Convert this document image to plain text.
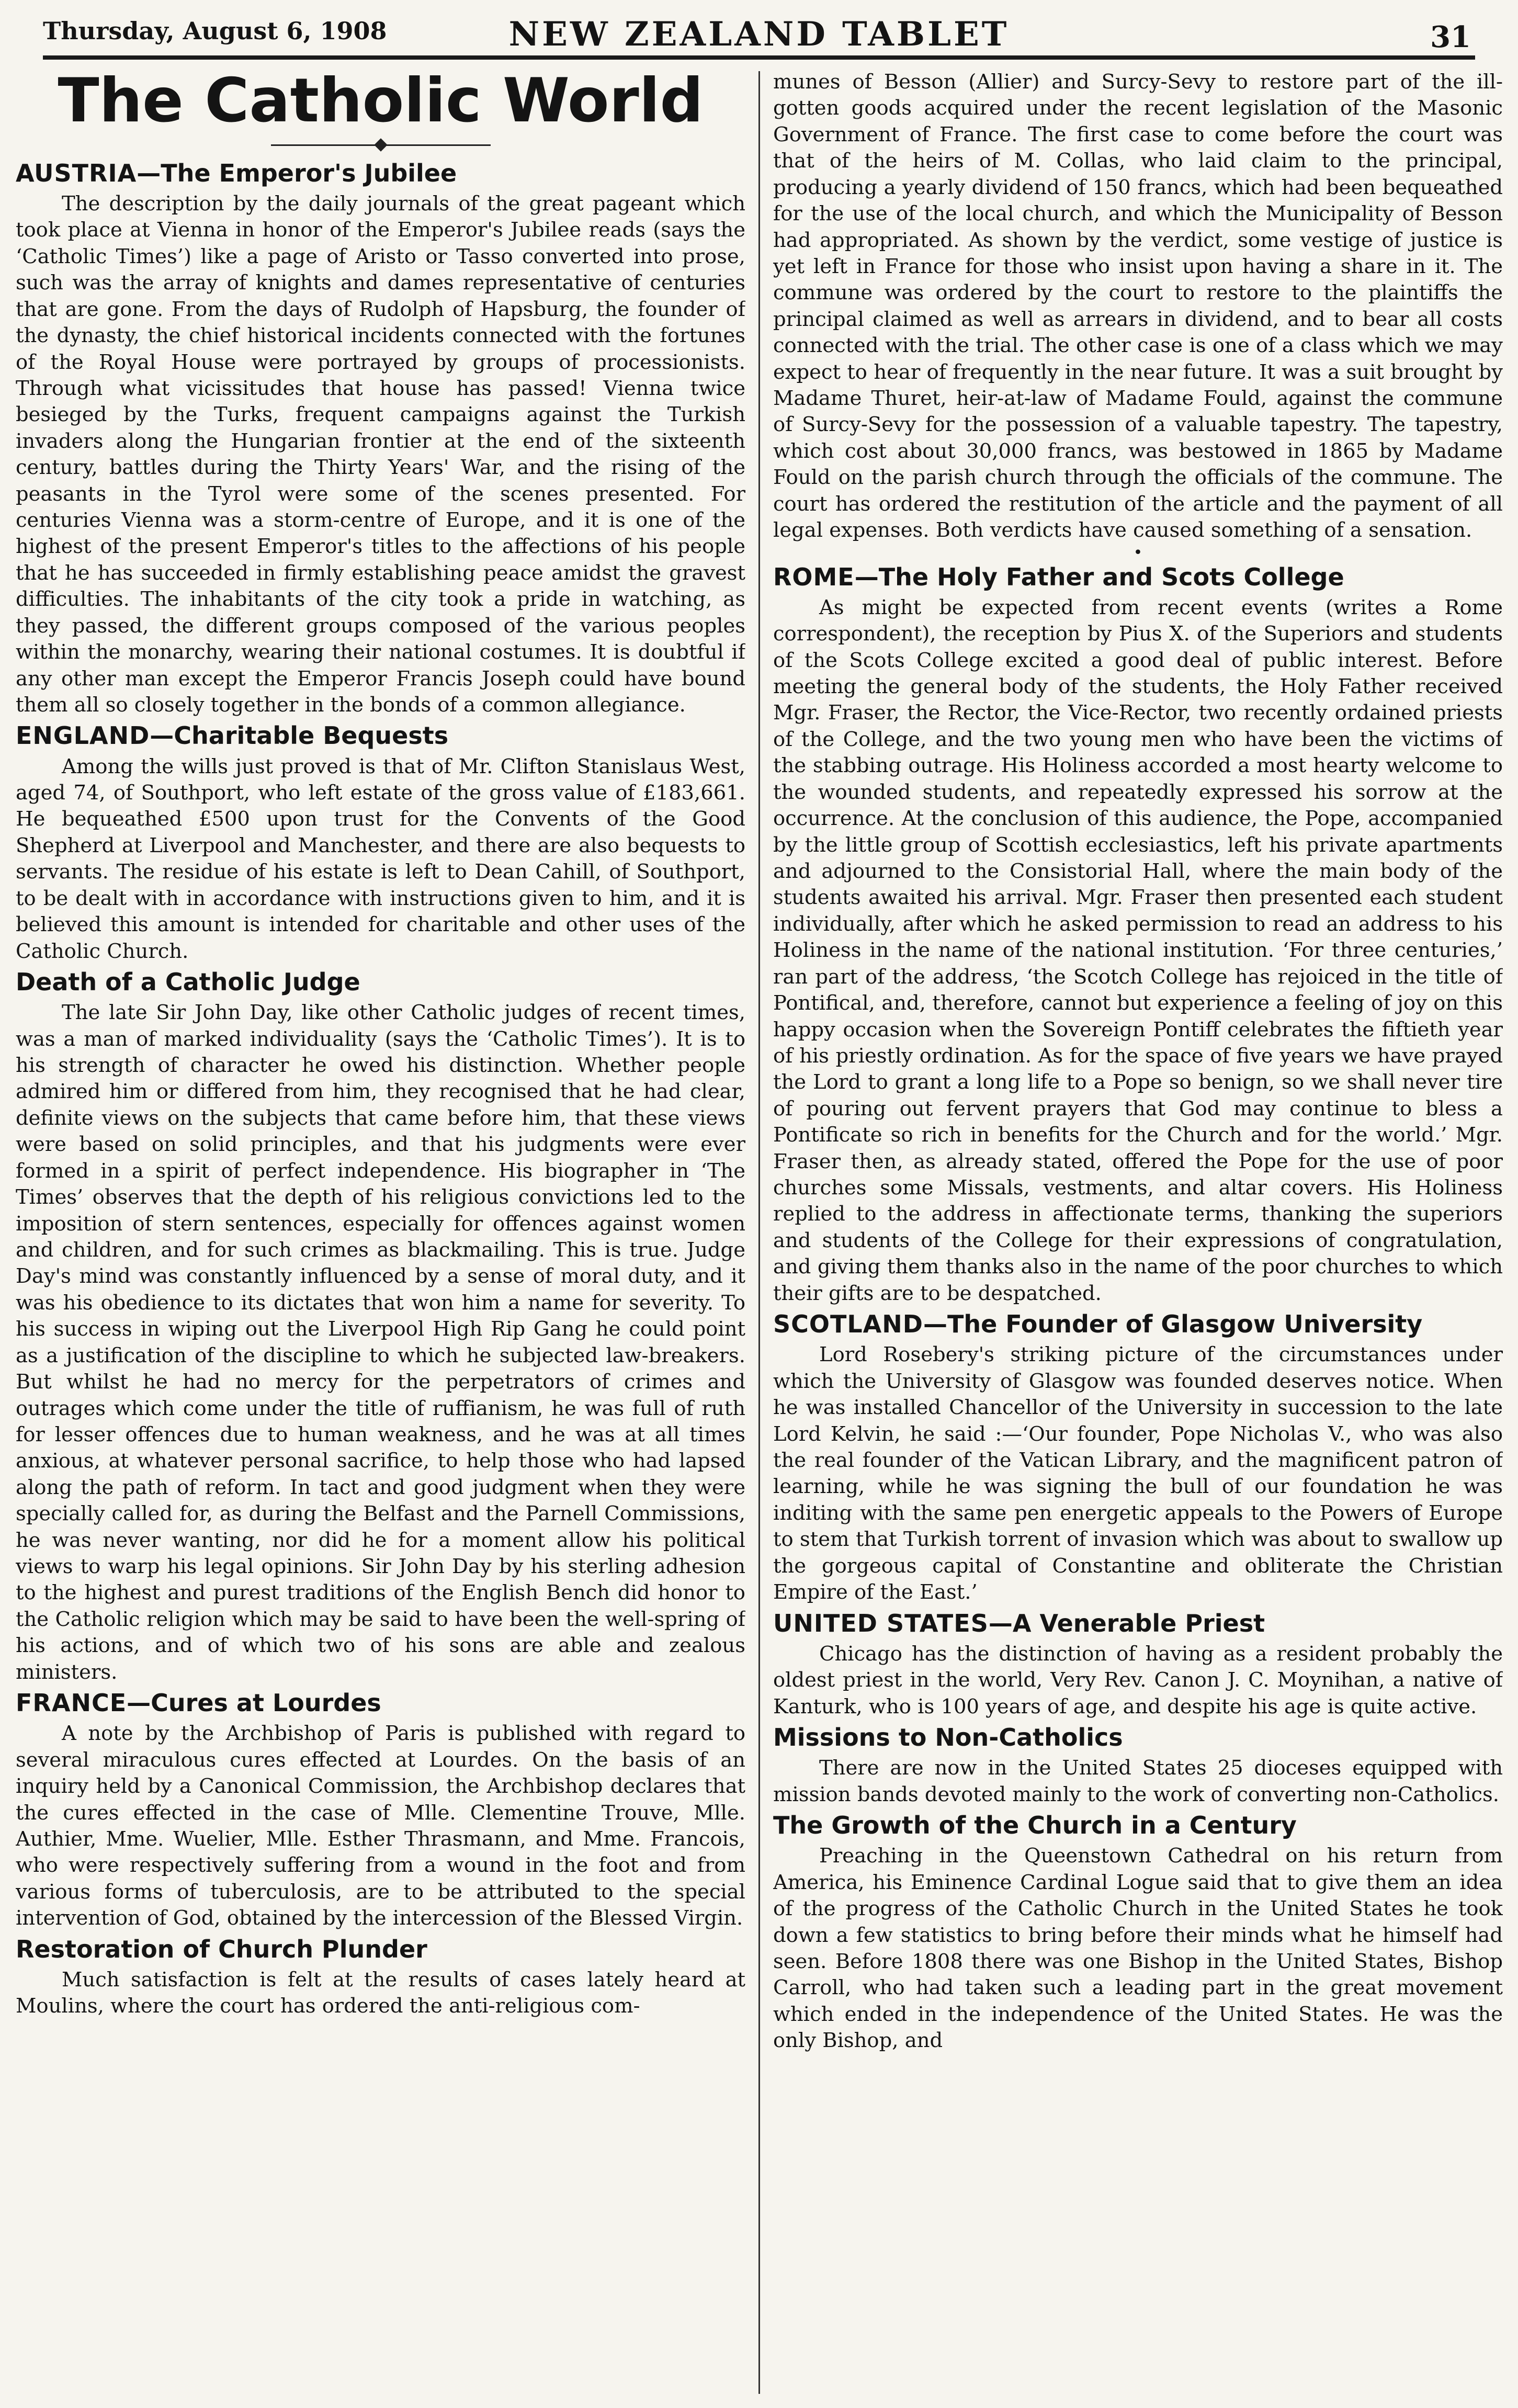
Thursday, August 6, 1908	NEW ZEALAND TABLET	31
The Catholic World
AUSTRIA—The Emperor's Jubilee

The description by the daily journals of the great pageant which took place at Vienna in honor of the Emperor's Jubilee reads (says the ‘Catholic Times’) like a page of Aristo or Tasso converted into prose, such was the array of knights and dames representative of centuries that are gone. From the days of Rudolph of Hapsburg, the founder of the dynasty, the chief historical incidents connected with the fortunes of the Royal House were portrayed by groups of processionists. Through what vicissitudes that house has passed! Vienna twice besieged by the Turks, frequent campaigns against the Turkish invaders along the Hungarian frontier at the end of the sixteenth century, battles during the Thirty Years' War, and the rising of the peasants in the Tyrol were some of the scenes presented. For centuries Vienna was a storm-centre of Europe, and it is one of the highest of the present Emperor's titles to the affections of his people that he has succeeded in firmly establishing peace amidst the gravest difficulties. The inhabitants of the city took a pride in watching, as they passed, the different groups composed of the various peoples within the monarchy, wearing their national costumes. It is doubtful if any other man except the Emperor Francis Joseph could have bound them all so closely together in the bonds of a common allegiance.

ENGLAND—Charitable Bequests

Among the wills just proved is that of Mr. Clifton Stanislaus West, aged 74, of Southport, who left estate of the gross value of £183,661. He bequeathed £500 upon trust for the Convents of the Good Shepherd at Liverpool and Manchester, and there are also bequests to servants. The residue of his estate is left to Dean Cahill, of Southport, to be dealt with in accordance with instructions given to him, and it is believed this amount is intended for charitable and other uses of the Catholic Church.

Death of a Catholic Judge

The late Sir John Day, like other Catholic judges of recent times, was a man of marked individuality (says the ‘Catholic Times’). It is to his strength of character he owed his distinction. Whether people admired him or differed from him, they recognised that he had clear, definite views on the subjects that came before him, that these views were based on solid principles, and that his judgments were ever formed in a spirit of perfect independence. His biographer in ‘The Times’ observes that the depth of his religious convictions led to the imposition of stern sentences, especially for offences against women and children, and for such crimes as blackmailing. This is true. Judge Day's mind was constantly influenced by a sense of moral duty, and it was his obedience to its dictates that won him a name for severity. To his success in wiping out the Liverpool High Rip Gang he could point as a justification of the discipline to which he subjected law-breakers. But whilst he had no mercy for the perpetrators of crimes and outrages which come under the title of ruffianism, he was full of ruth for lesser offences due to human weakness, and he was at all times anxious, at whatever personal sacrifice, to help those who had lapsed along the path of reform. In tact and good judgment when they were specially called for, as during the Belfast and the Parnell Commissions, he was never wanting, nor did he for a moment allow his political views to warp his legal opinions. Sir John Day by his sterling adhesion to the highest and purest traditions of the English Bench did honor to the Catholic religion which may be said to have been the well-spring of his actions, and of which two of his sons are able and zealous ministers.

FRANCE—Cures at Lourdes

A note by the Archbishop of Paris is published with regard to several miraculous cures effected at Lourdes. On the basis of an inquiry held by a Canonical Commission, the Archbishop declares that the cures effected in the case of Mlle. Clementine Trouve, Mlle. Authier, Mme. Wuelier, Mlle. Esther Thrasmann, and Mme. Francois, who were respectively suffering from a wound in the foot and from various forms of tuberculosis, are to be attributed to the special intervention of God, obtained by the intercession of the Blessed Virgin.

Restoration of Church Plunder

Much satisfaction is felt at the results of cases lately heard at Moulins, where the court has ordered the anti-religious com-

munes of Besson (Allier) and Surcy-Sevy to restore part of the ill-gotten goods acquired under the recent legislation of the Masonic Government of France. The first case to come before the court was that of the heirs of M. Collas, who laid claim to the principal, producing a yearly dividend of 150 francs, which had been bequeathed for the use of the local church, and which the Municipality of Besson had appropriated. As shown by the verdict, some vestige of justice is yet left in France for those who insist upon having a share in it. The commune was ordered by the court to restore to the plaintiffs the principal claimed as well as arrears in dividend, and to bear all costs connected with the trial. The other case is one of a class which we may expect to hear of frequently in the near future. It was a suit brought by Madame Thuret, heir-at-law of Madame Fould, against the commune of Surcy-Sevy for the possession of a valuable tapestry. The tapestry, which cost about 30,000 francs, was bestowed in 1865 by Madame Fould on the parish church through the officials of the commune. The court has ordered the restitution of the article and the payment of all legal expenses. Both verdicts have caused something of a sensation.

•
ROME—The Holy Father and Scots College

As might be expected from recent events (writes a Rome correspondent), the reception by Pius X. of the Superiors and students of the Scots College excited a good deal of public interest. Before meeting the general body of the students, the Holy Father received Mgr. Fraser, the Rector, the Vice-Rector, two recently ordained priests of the College, and the two young men who have been the victims of the stabbing outrage. His Holiness accorded a most hearty welcome to the wounded students, and repeatedly expressed his sorrow at the occurrence. At the conclusion of this audience, the Pope, accompanied by the little group of Scottish ecclesiastics, left his private apartments and adjourned to the Consistorial Hall, where the main body of the students awaited his arrival. Mgr. Fraser then presented each student individually, after which he asked permission to read an address to his Holiness in the name of the national institution. ‘For three centuries,’ ran part of the address, ‘the Scotch College has rejoiced in the title of Pontifical, and, therefore, cannot but experience a feeling of joy on this happy occasion when the Sovereign Pontiff celebrates the fiftieth year of his priestly ordination. As for the space of five years we have prayed the Lord to grant a long life to a Pope so benign, so we shall never tire of pouring out fervent prayers that God may continue to bless a Pontificate so rich in benefits for the Church and for the world.’ Mgr. Fraser then, as already stated, offered the Pope for the use of poor churches some Missals, vestments, and altar covers. His Holiness replied to the address in affectionate terms, thanking the superiors and students of the College for their expressions of congratulation, and giving them thanks also in the name of the poor churches to which their gifts are to be despatched.

SCOTLAND—The Founder of Glasgow University

Lord Rosebery's striking picture of the circumstances under which the University of Glasgow was founded deserves notice. When he was installed Chancellor of the University in succession to the late Lord Kelvin, he said :—‘Our founder, Pope Nicholas V., who was also the real founder of the Vatican Library, and the magnificent patron of learning, while he was signing the bull of our foundation he was inditing with the same pen energetic appeals to the Powers of Europe to stem that Turkish torrent of invasion which was about to swallow up the gorgeous capital of Constantine and obliterate the Christian Empire of the East.’

UNITED STATES—A Venerable Priest

Chicago has the distinction of having as a resident probably the oldest priest in the world, Very Rev. Canon J. C. Moynihan, a native of Kanturk, who is 100 years of age, and despite his age is quite active.

Missions to Non-Catholics

There are now in the United States 25 dioceses equipped with mission bands devoted mainly to the work of converting non-Catholics.

The Growth of the Church in a Century

Preaching in the Queenstown Cathedral on his return from America, his Eminence Cardinal Logue said that to give them an idea of the progress of the Catholic Church in the United States he took down a few statistics to bring before their minds what he himself had seen. Before 1808 there was one Bishop in the United States, Bishop Carroll, who had taken such a leading part in the great movement which ended in the independence of the United States. He was the only Bishop, and
